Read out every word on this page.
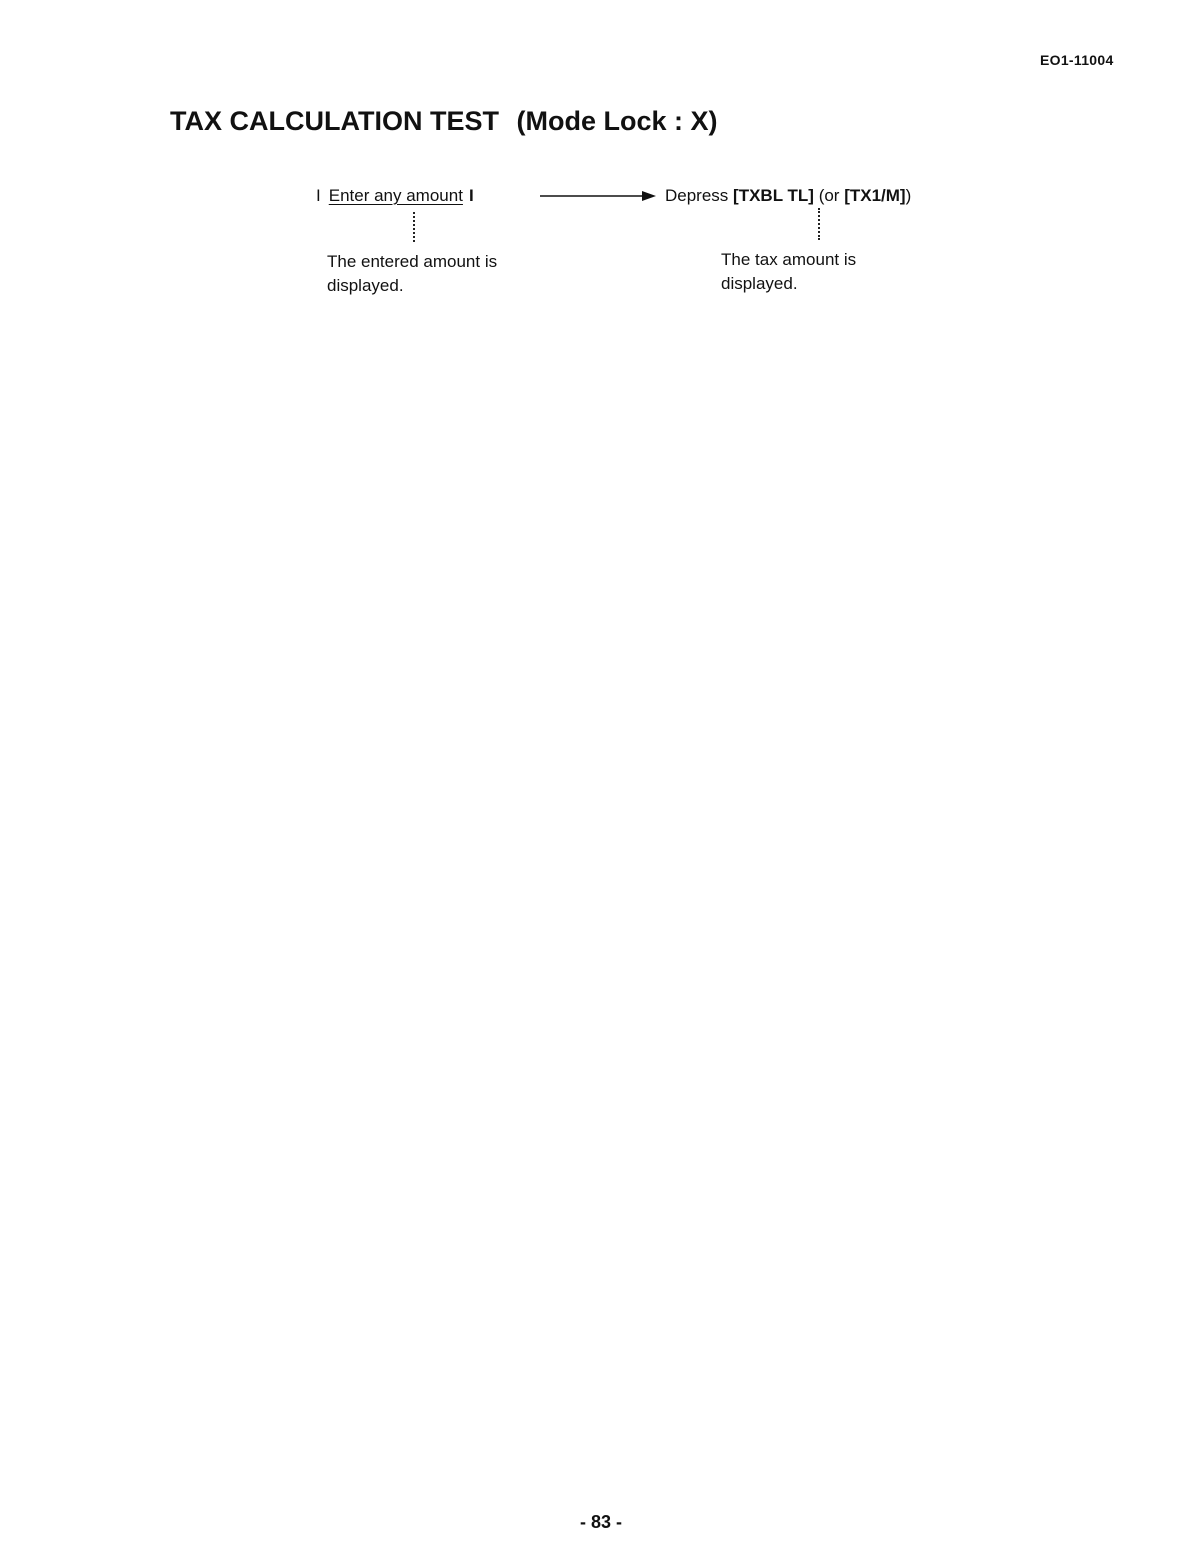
EO1-11004
TAX CALCULATION TEST (Mode Lock : X)
I Enter any amount I	Depress [TXBL TL] (or [TX1/M])
The entered amount is
displayed.
The tax amount is
displayed.
- 83 -
